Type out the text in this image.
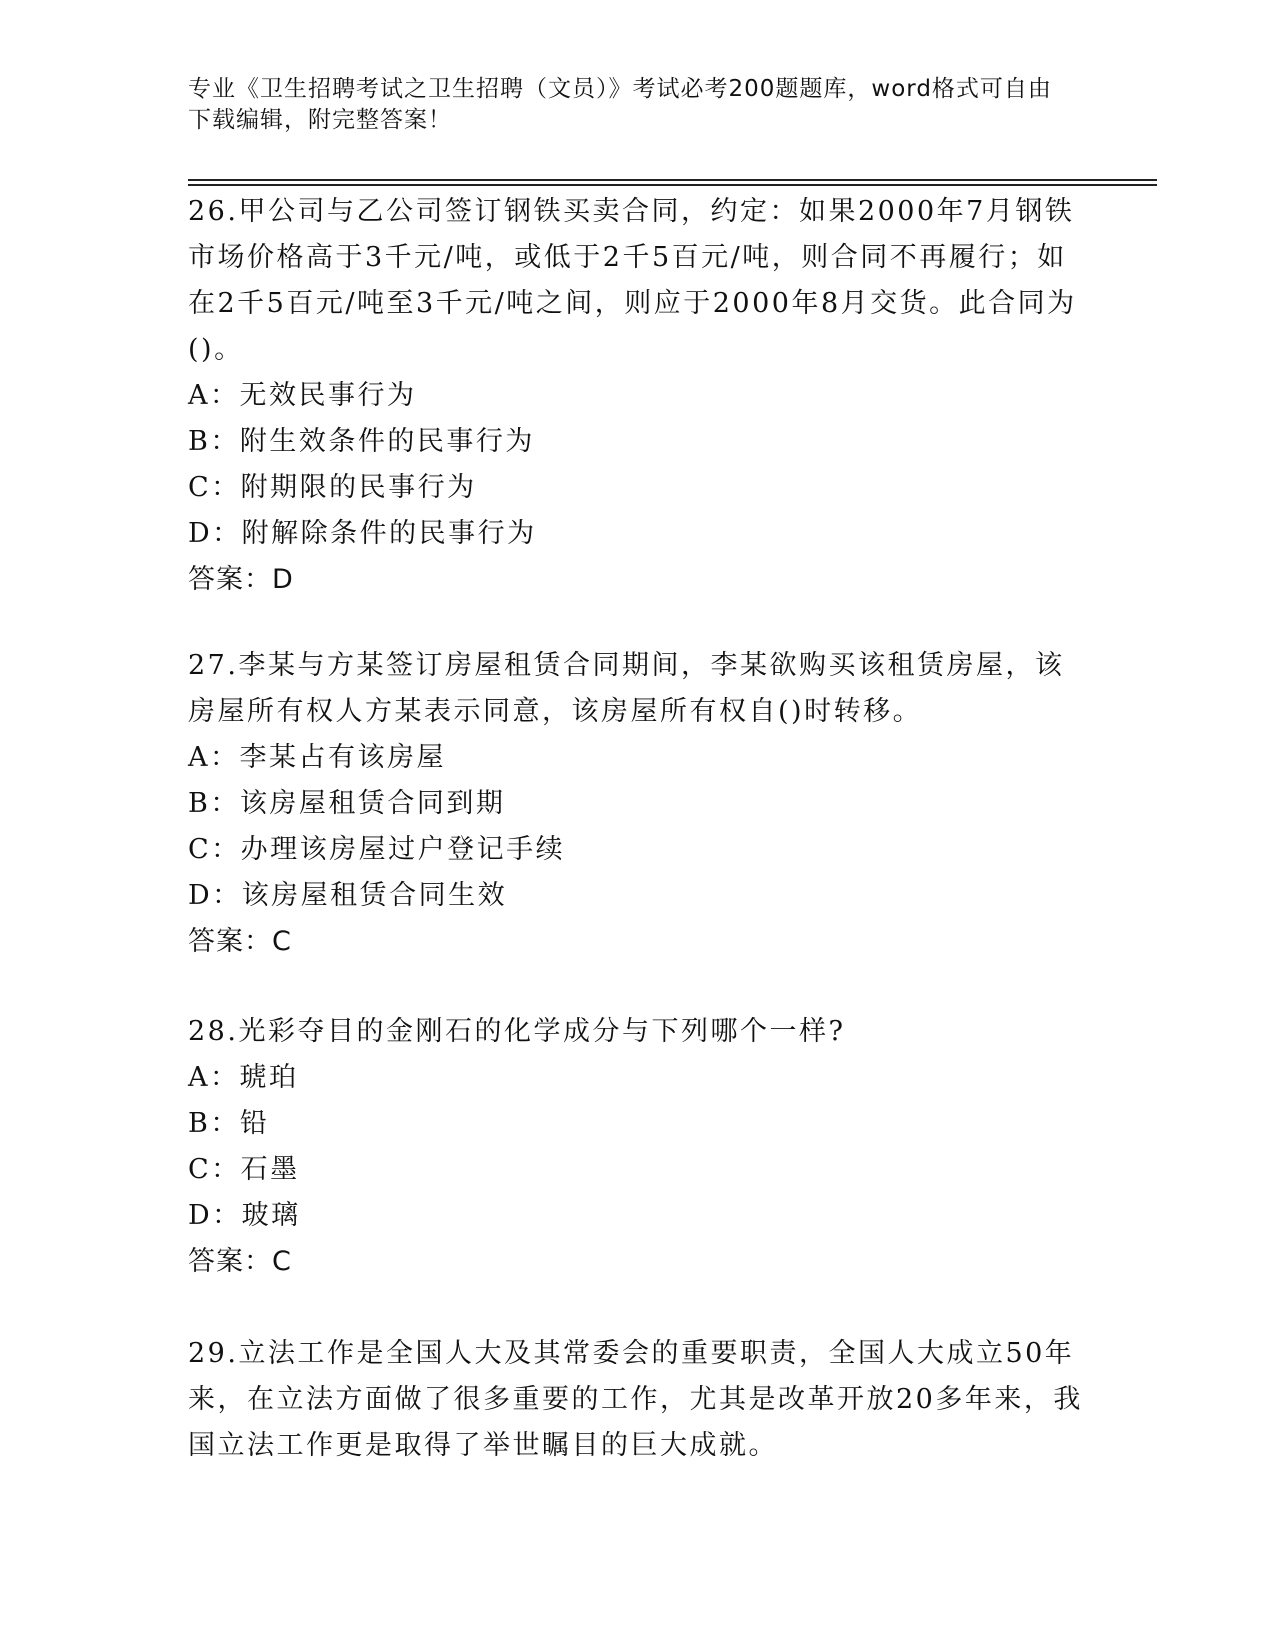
专业《卫生招聘考试之卫生招聘（文员）》考试必考200题题库，word格式可自由下载编辑，附完整答案！

26.甲公司与乙公司签订钢铁买卖合同，约定：如果2000年7月钢铁市场价格高于3千元/吨，或低于2千5百元/吨，则合同不再履行；如在2千5百元/吨至3千元/吨之间，则应于2000年8月交货。此合同为()。

A：无效民事行为
B：附生效条件的民事行为
C：附期限的民事行为
D：附解除条件的民事行为
答案：D

27.李某与方某签订房屋租赁合同期间，李某欲购买该租赁房屋，该房屋所有权人方某表示同意，该房屋所有权自()时转移。

A：李某占有该房屋
B：该房屋租赁合同到期
C：办理该房屋过户登记手续
D：该房屋租赁合同生效
答案：C

28.光彩夺目的金刚石的化学成分与下列哪个一样?

A：琥珀
B：铅
C：石墨
D：玻璃
答案：C

29.立法工作是全国人大及其常委会的重要职责，全国人大成立50年来，在立法方面做了很多重要的工作，尤其是改革开放20多年来，我国立法工作更是取得了举世瞩目的巨大成就。
